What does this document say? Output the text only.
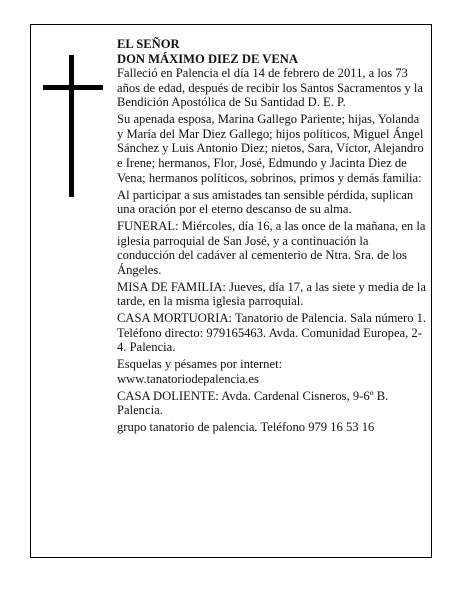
EL SEÑOR
DON MÁXIMO DIEZ DE VENA

Falleció en Palencia el día 14 de febrero de 2011, a los 73 años de edad, después de recibir los Santos Sacramentos y la Bendición Apostólica de Su Santidad D. E. P.

Su apenada esposa, Marina Gallego Pariente; hijas, Yolanda y María del Mar Diez Gallego; hijos políticos, Miguel Ángel Sánchez y Luis Antonio Diez; nietos, Sara, Víctor, Alejandro e Irene; hermanos, Flor, José, Edmundo y Jacinta Diez de Vena; hermanos políticos, sobrinos, primos y demás familia:

Al participar a sus amistades tan sensible pérdida, suplican una oración por el eterno descanso de su alma.

FUNERAL: Miércoles, día 16, a las once de la mañana, en la iglesia parroquial de San José, y a continuación la conducción del cadáver al cementerio de Ntra. Sra. de los Ángeles.

MISA DE FAMILIA: Jueves, día 17, a las siete y media de la tarde, en la misma iglesia parroquial.

CASA MORTUORIA: Tanatorio de Palencia. Sala número 1. Teléfono directo: 979165463. Avda. Comunidad Europea, 2-4. Palencia.

Esquelas y pésames por internet: www.tanatoriodepalencia.es

CASA DOLIENTE: Avda. Cardenal Cisneros, 9-6º B. Palencia.

grupo tanatorio de palencia. Teléfono 979 16 53 16
